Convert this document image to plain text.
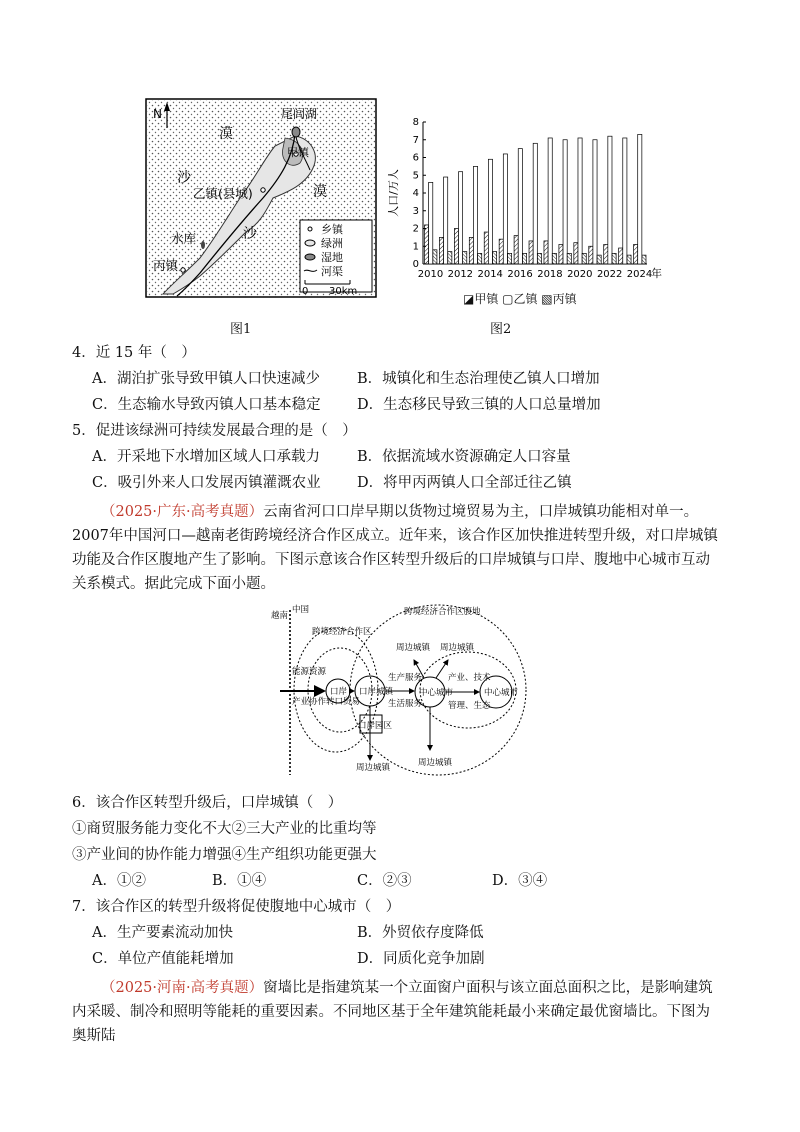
N	尾闾湖
甲镇
漠
沙
乙镇(县城)	漠
水库	沙
丙镇
乡镇
绿洲
湿地
河渠
0 30km
图1
0
1
2
3
4
5
6
7
8
人口/万人
2010 2012 2014 2016 2018 2020 2022 2024
年
◪甲镇 ▢乙镇 ▧丙镇
图2
4．近 15 年（　）
A．湖泊扩张导致甲镇人口快速减少	B．城镇化和生态治理使乙镇人口增加
C．生态输水导致丙镇人口基本稳定	D．生态移民导致三镇的人口总量增加
5．促进该绿洲可持续发展最合理的是（　）
A．开采地下水增加区域人口承载力	B．依据流域水资源确定人口容量
C．吸引外来人口发展丙镇灌溉农业	D．将甲丙两镇人口全部迁往乙镇
（2025·广东·高考真题）云南省河口口岸早期以货物过境贸易为主，口岸城镇功能相对单一。2007年中国河口—越南老街跨境经济合作区成立。近年来，该合作区加快推进转型升级，对口岸城镇功能及合作区腹地产生了影响。下图示意该合作区转型升级后的口岸城镇与口岸、腹地中心城市互动关系模式。据此完成下面小题。
越南
中国
跨境经济合作区
跨境经济合作区腹地
能源资源
产业协作转口贸易
口岸 口岸城镇
口岸园区
周边城镇
周边城镇 周边城镇
周边城镇
生产服务
生活服务
中心城市	中心城市
产业、技术
管理、生态
6．该合作区转型升级后，口岸城镇（　）
①商贸服务能力变化不大②三大产业的比重均等
③产业间的协作能力增强④生产组织功能更强大
A．①②	B．①④	C．②③	D．③④
7．该合作区的转型升级将促使腹地中心城市（　）
A．生产要素流动加快	B．外贸依存度降低
C．单位产值能耗增加	D．同质化竞争加剧
（2025·河南·高考真题）窗墙比是指建筑某一个立面窗户面积与该立面总面积之比，是影响建筑内采暖、制冷和照明等能耗的重要因素。不同地区基于全年建筑能耗最小来确定最优窗墙比。下图为奥斯陆
